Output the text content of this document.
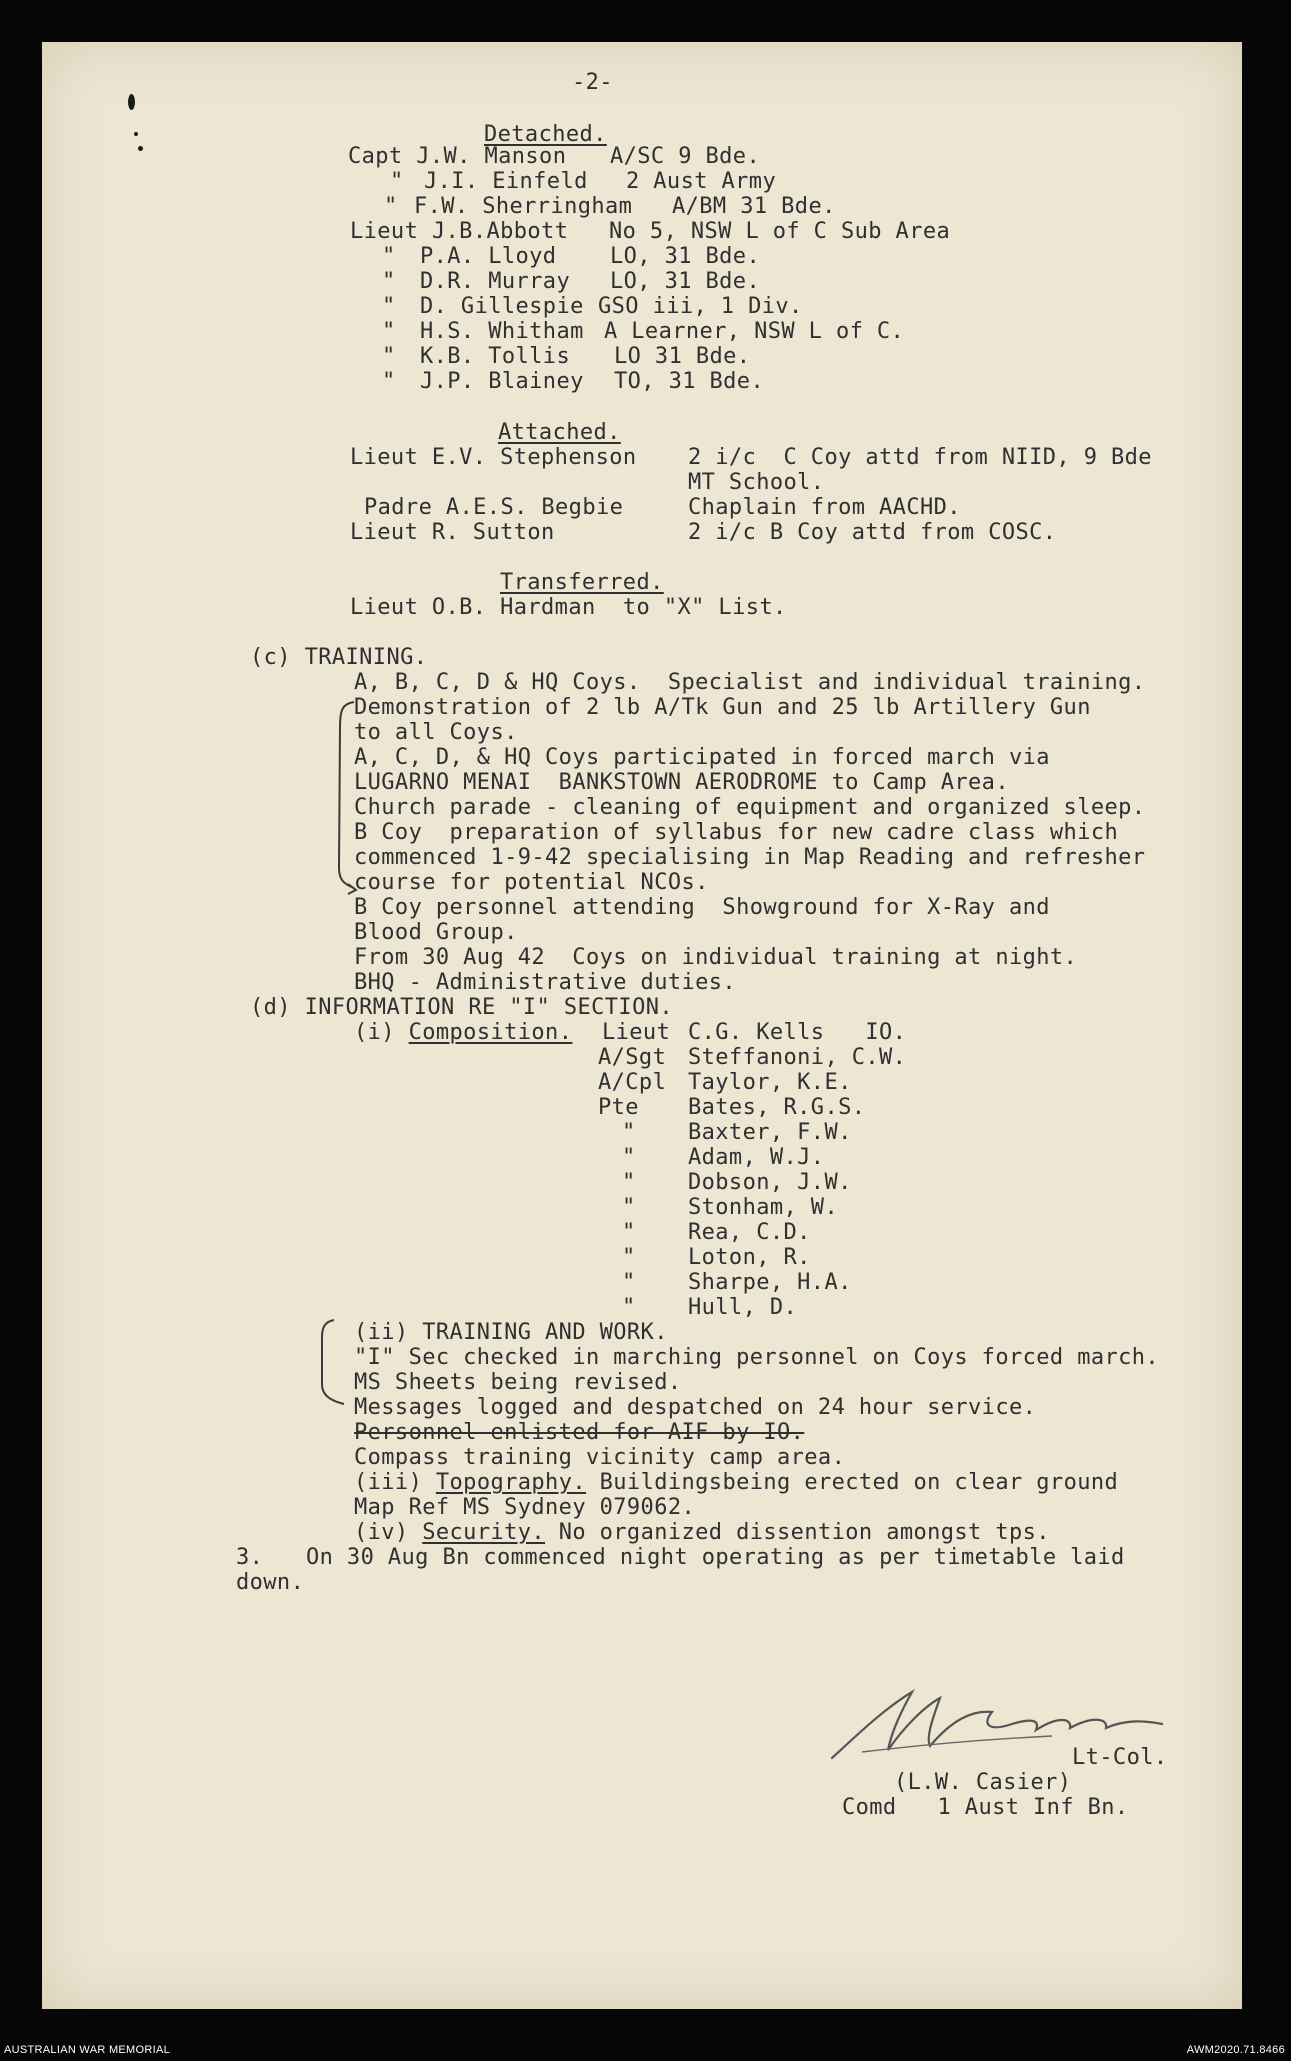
-2-
Detached.
Capt J.W. Manson A/SC 9 Bde.
" J.I. Einfeld 2 Aust Army
" F.W. Sherringham A/BM 31 Bde.
Lieut J.B.Abbott No 5, NSW L of C Sub Area
" P.A. Lloyd LO, 31 Bde.
" D.R. Murray LO, 31 Bde.
" D. Gillespie GSO iii, 1 Div.
" H.S. Whitham A Learner, NSW L of C.
" K.B. Tollis LO 31 Bde.
" J.P. Blainey TO, 31 Bde.
Attached.
Lieut E.V. Stephenson 2 i/c  C Coy attd from NIID, 9 Bde
MT School.
Padre A.E.S. Begbie	Chaplain from AACHD.
Lieut R. Sutton	2 i/c B Coy attd from COSC.
Transferred.
Lieut O.B. Hardman  to "X" List.
(c) TRAINING.
A, B, C, D & HQ Coys.  Specialist and individual training.
Demonstration of 2 lb A/Tk Gun and 25 lb Artillery Gun
to all Coys.
A, C, D, & HQ Coys participated in forced march via
LUGARNO MENAI  BANKSTOWN AERODROME to Camp Area.
Church parade - cleaning of equipment and organized sleep.
B Coy  preparation of syllabus for new cadre class which
commenced 1-9-42 specialising in Map Reading and refresher
course for potential NCOs.
B Coy personnel attending  Showground for X-Ray and
Blood Group.
From 30 Aug 42  Coys on individual training at night.
BHQ - Administrative duties.
(d) INFORMATION RE "I" SECTION.
(i) Composition. Lieut C.G. Kells   IO.
A/Sgt Steffanoni, C.W.
A/Cpl Taylor, K.E.
Pte Bates, R.G.S.
" Baxter, F.W.
" Adam, W.J.
" Dobson, J.W.
" Stonham, W.
" Rea, C.D.
" Loton, R.
" Sharpe, H.A.
" Hull, D.
(ii) TRAINING AND WORK.
"I" Sec checked in marching personnel on Coys forced march.
MS Sheets being revised.
Messages logged and despatched on 24 hour service.
Personnel enlisted for AIF by IO.
Compass training vicinity camp area.
(iii) Topography. Buildingsbeing erected on clear ground
Map Ref MS Sydney 079062.
(iv) Security. No organized dissention amongst tps.
3. On 30 Aug Bn commenced night operating as per timetable laid
down.
Lt-Col.
(L.W. Casier)
Comd   1 Aust Inf Bn.
AUSTRALIAN WAR MEMORIAL	AWM2020.71.8466
